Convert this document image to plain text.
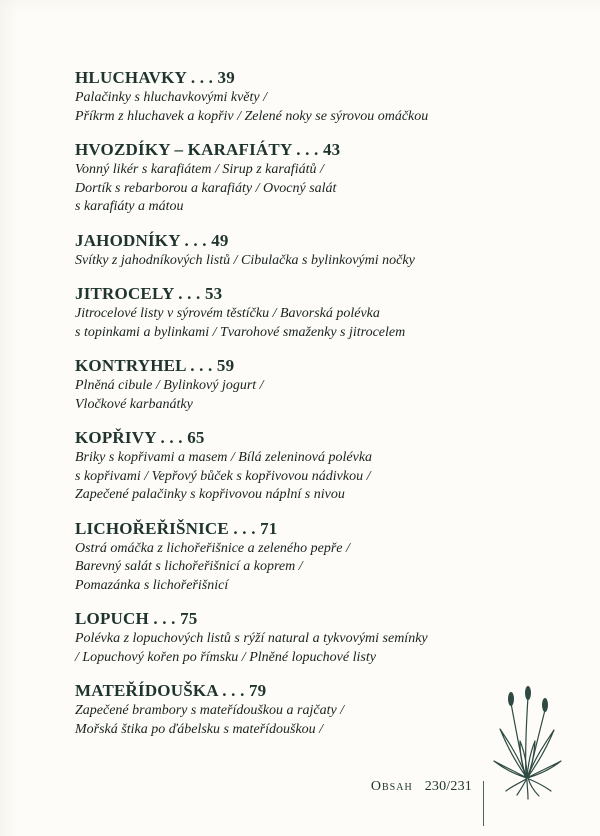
HLUCHAVKY . . . 39
Palačinky s hluchavkovými květy /
Příkrm z hluchavek a kopřiv / Zelené noky se sýrovou omáčkou
HVOZDÍKY – KARAFIÁTY . . . 43
Vonný likér s karafiátem / Sirup z karafiátů /
Dortík s rebarborou a karafiáty / Ovocný salát
s karafiáty a mátou
JAHODNÍKY . . . 49
Svítky z jahodníkových listů / Cibulačka s bylinkovými nočky
JITROCELY . . . 53
Jitrocelové listy v sýrovém těstíčku / Bavorská polévka
s topinkami a bylinkami / Tvarohové smaženky s jitrocelem
KONTRYHEL . . . 59
Plněná cibule / Bylinkový jogurt /
Vločkové karbanátky
KOPŘIVY . . . 65
Briky s kopřivami a masem / Bílá zeleninová polévka
s kopřivami / Vepřový bůček s kopřivovou nádivkou /
Zapečené palačinky s kopřivovou náplní s nivou
LICHOŘEŘIŠNICE . . . 71
Ostrá omáčka z lichořeřišnice a zeleného pepře /
Barevný salát s lichořeřišnicí a koprem /
Pomazánka s lichořeřišnicí
LOPUCH . . . 75
Polévka z lopuchových listů s rýží natural a tykvovými semínky
/ Lopuchový kořen po římsku / Plněné lopuchové listy
MATEŘÍDOUŠKA . . . 79
Zapečené brambory s mateřídouškou a rajčaty /
Mořská štika po ďábelsku s mateřídouškou /
Obsah 230/231
